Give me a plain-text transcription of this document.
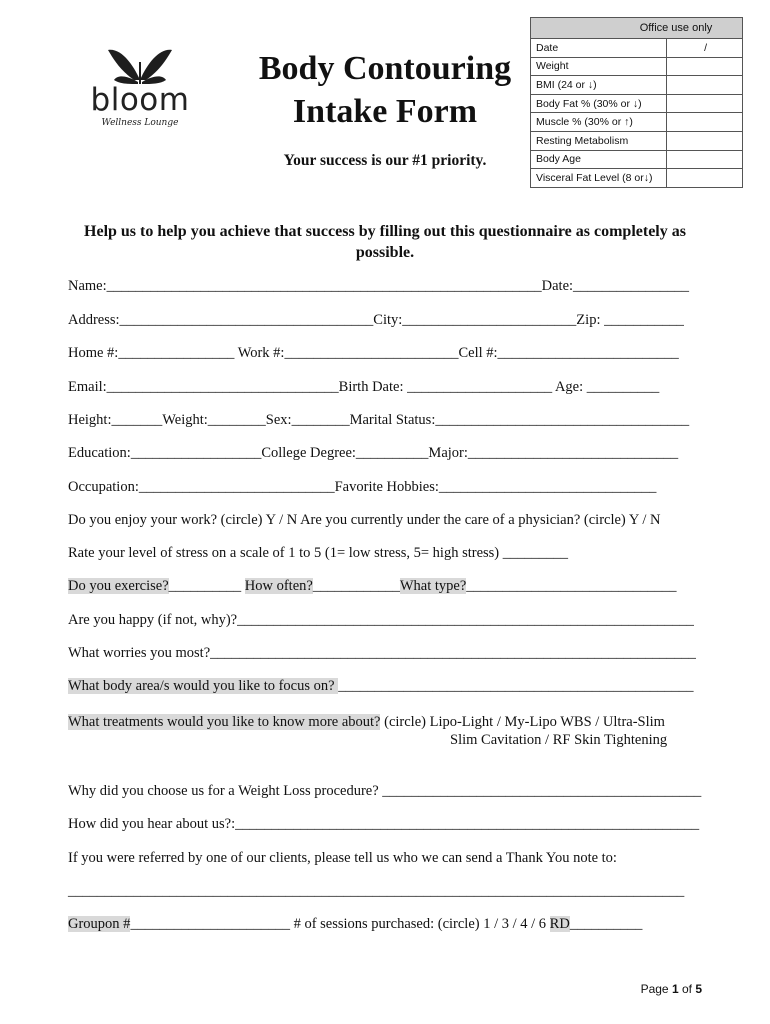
bloom
Wellness Lounge
Body Contouring
Intake Form
Your success is our #1 priority.
Office use only	
Date	/
Weight	
BMI (24 or ↓)	
Body Fat % (30% or ↓)	
Muscle % (30% or ↑)	
Resting Metabolism	
Body Age	
Visceral Fat Level (8 or↓)	
Help us to help you achieve that success by filling out this questionnaire as completely as possible.
Name:____________________________________________________________Date:________________
Address:___________________________________City:________________________Zip: ___________
Home #:________________ Work #:________________________Cell #:_________________________
Email:________________________________Birth Date: ____________________ Age: __________
Height:_______Weight:________Sex:________Marital Status:___________________________________
Education:__________________College Degree:__________Major:_____________________________
Occupation:___________________________Favorite Hobbies:______________________________
Do you enjoy your work? (circle) Y / N Are you currently under the care of a physician? (circle) Y / N
Rate your level of stress on a scale of 1 to 5 (1= low stress, 5= high stress) _________
Do you exercise?__________ How often?____________What type?_____________________________
Are you happy (if not, why)?_______________________________________________________________
What worries you most?___________________________________________________________________
What body area/s would you like to focus on? _________________________________________________
What treatments would you like to know more about? (circle) Lipo-Light / My-Lipo WBS / Ultra-Slim
Slim Cavitation / RF Skin Tightening
Why did you choose us for a Weight Loss procedure? ____________________________________________
How did you hear about us?:________________________________________________________________
If you were referred by one of our clients, please tell us who we can send a Thank You note to:
_____________________________________________________________________________________
Groupon #______________________ # of sessions purchased: (circle) 1 / 3 / 4 / 6 RD__________
Page 1 of 5
